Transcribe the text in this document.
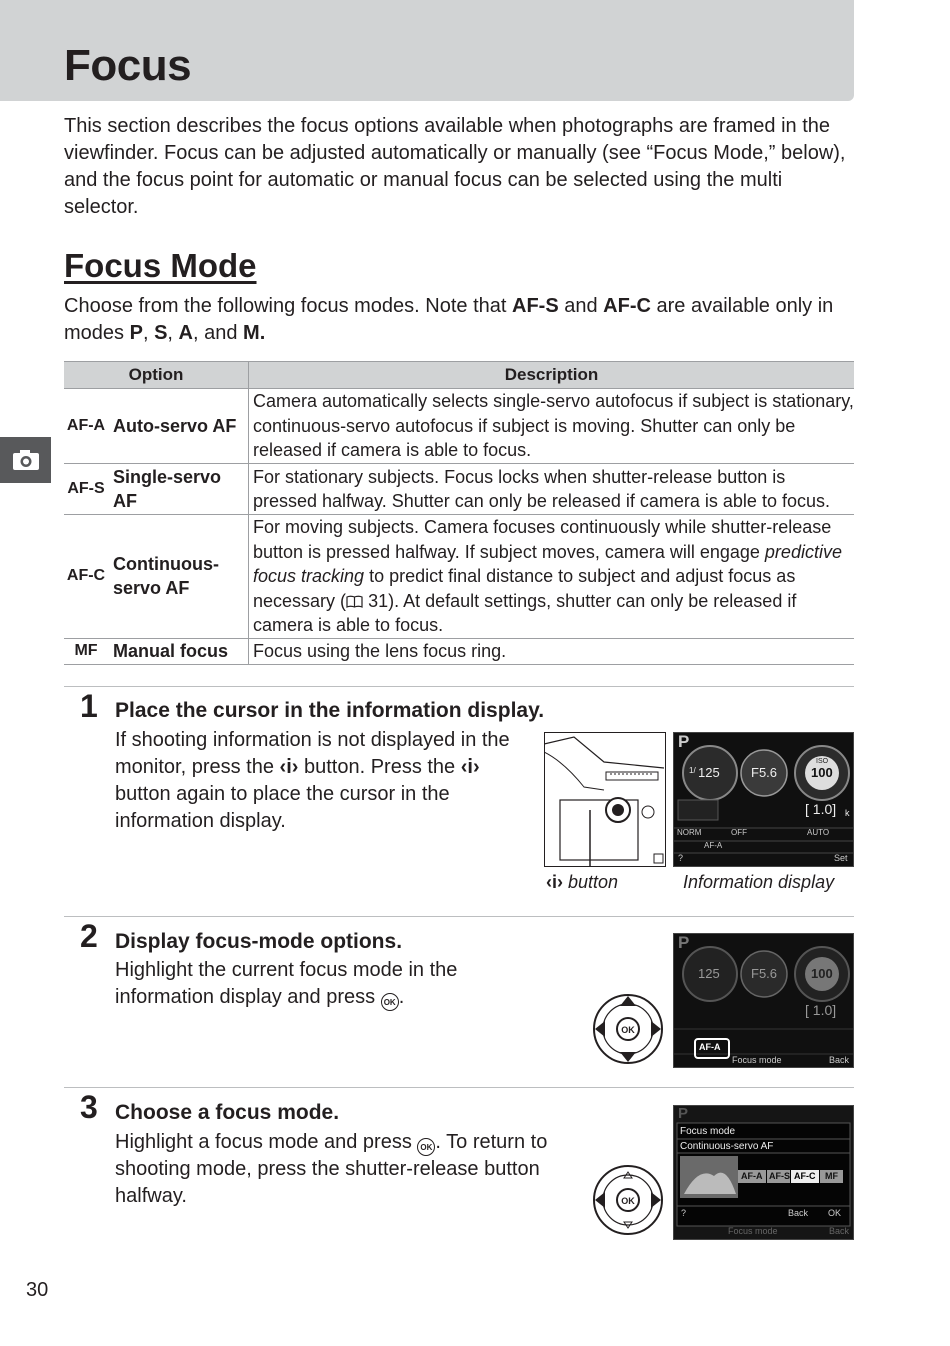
Focus

This section describes the focus options available when photographs are framed in the viewfinder. Focus can be adjusted automatically or manually (see “Focus Mode,” below), and the focus point for automatic or manual focus can be selected using the multi selector.

Focus Mode

Choose from the following focus modes. Note that AF-S and AF-C are available only in modes P, S, A, and M.

Option		Description
AF-A	Auto-servo AF	Camera automatically selects single-servo autofocus if subject is stationary, continuous-servo autofocus if subject is moving. Shutter can only be released if camera is able to focus.
AF-S	Single-servo AF	For stationary subjects. Focus locks when shutter-release button is pressed halfway. Shutter can only be released if camera is able to focus.
AF-C	Continuous-servo AF	For moving subjects. Camera focuses continuously while shutter-release button is pressed halfway. If subject moves, camera will engage predictive focus tracking to predict final distance to subject and adjust focus as necessary ( 31). At default settings, shutter can only be released if camera is able to focus.
MF	Manual focus	Focus using the lens focus ring.
1 Place the cursor in the information display.

If shooting information is not displayed in the monitor, press the ‹i› button. Press the ‹i› button again to place the cursor in the information display.

‹i› button	Information display
P
1/ 125 F5.6
ISO
100
[ 1.0] k
NORM	OFF	AUTO
AF-A
?	Set
2 Display focus-mode options.

Highlight the current focus mode in the information display and press OK .

OK
P
125 F5.6	100
[ 1.0]
AF-A
Focus mode	Back
3 Choose a focus mode.

Highlight a focus mode and press OK . To return to shooting mode, press the shutter-release button halfway.	OK
P
Focus mode
Continuous-servo AF
AF-A AF-S AF-C MF
?	Back OK
Focus mode	Back
30
